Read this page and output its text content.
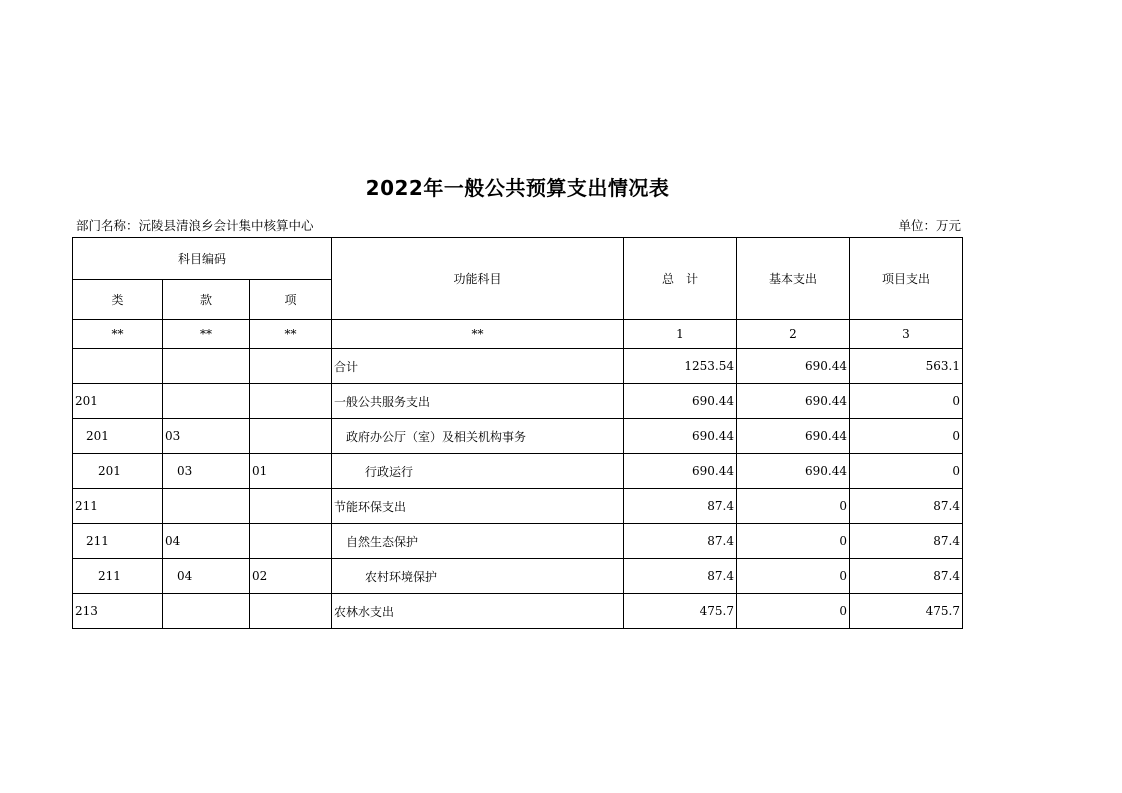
2022年一般公共预算支出情况表
部门名称：沅陵县清浪乡会计集中核算中心	单位：万元
科目编码			功能科目	总　计	基本支出	项目支出
类	款	项				
**	**	**	**	1	2	3
			合计	1253.54	690.44	563.1
201			一般公共服务支出	690.44	690.44	0
201	03		政府办公厅（室）及相关机构事务	690.44	690.44	0
201	03	01	行政运行	690.44	690.44	0
211			节能环保支出	87.4	0	87.4
211	04		自然生态保护	87.4	0	87.4
211	04	02	农村环境保护	87.4	0	87.4
213			农林水支出	475.7	0	475.7
